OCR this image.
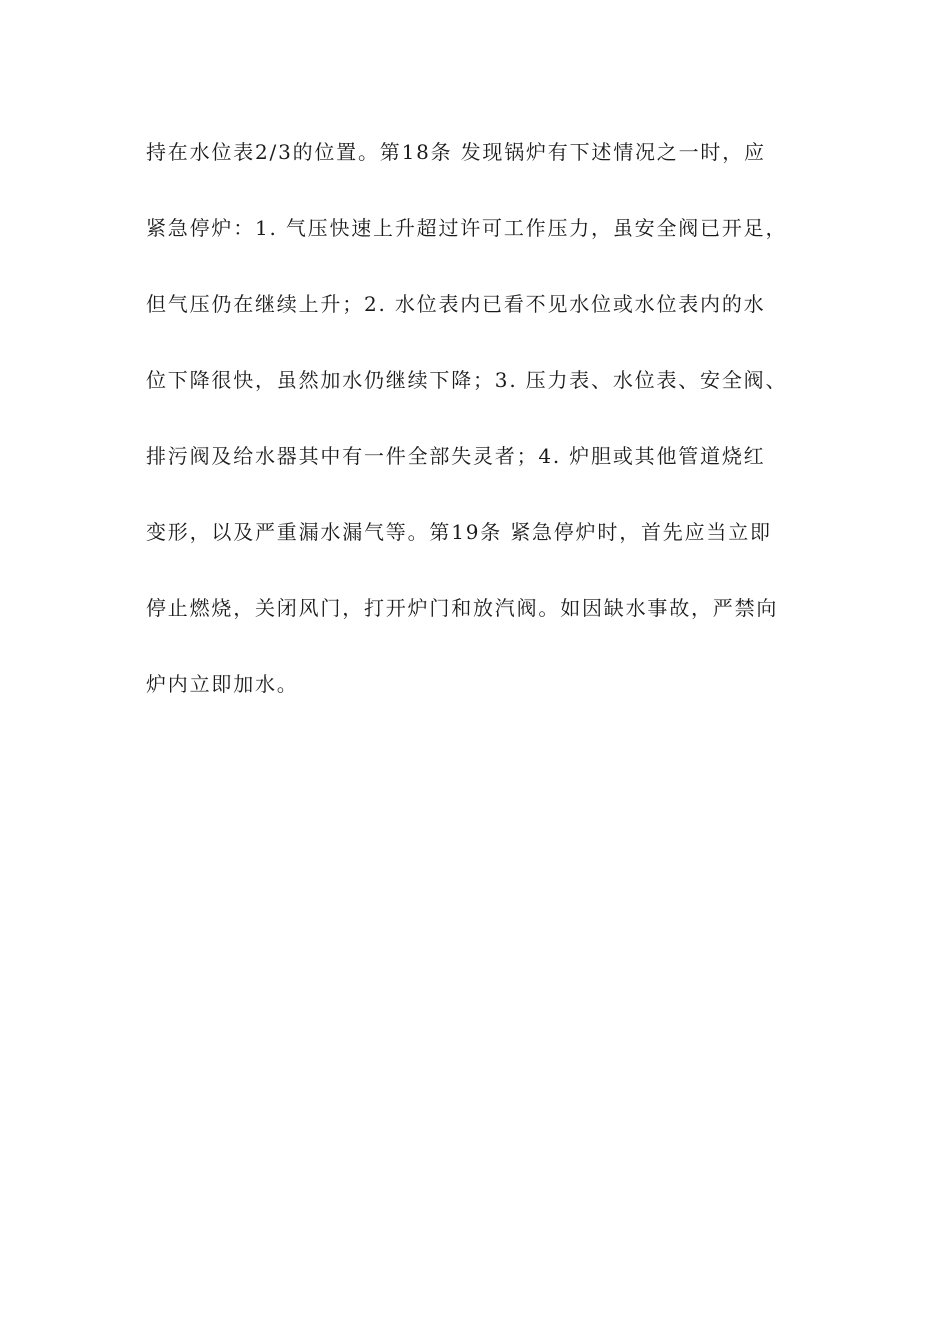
持在水位表2/3的位置。第18条 发现锅炉有下述情况之一时，应
紧急停炉：1. 气压快速上升超过许可工作压力，虽安全阀已开足，
但气压仍在继续上升；2. 水位表内已看不见水位或水位表内的水
位下降很快，虽然加水仍继续下降；3. 压力表、水位表、安全阀、
排污阀及给水器其中有一件全部失灵者；4. 炉胆或其他管道烧红
变形，以及严重漏水漏气等。第19条 紧急停炉时，首先应当立即
停止燃烧，关闭风门，打开炉门和放汽阀。如因缺水事故，严禁向
炉内立即加水。
